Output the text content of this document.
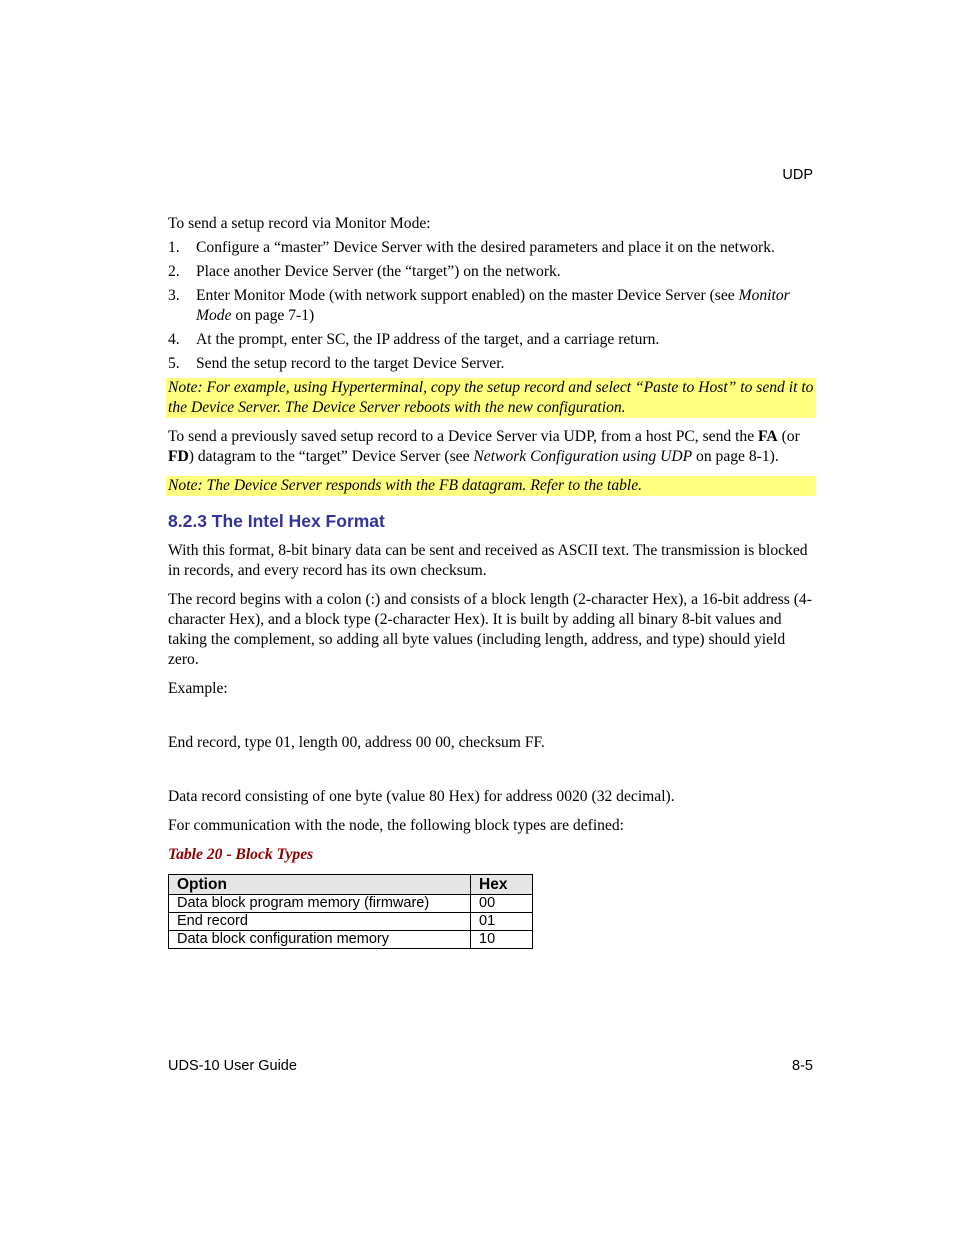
UDP

To send a setup record via Monitor Mode:

1. Configure a “master” Device Server with the desired parameters and place it on the network.
2. Place another Device Server (the “target”) on the network.
3. Enter Monitor Mode (with network support enabled) on the master Device Server (see Monitor Mode on page 7-1)
4. At the prompt, enter SC, the IP address of the target, and a carriage return.
5. Send the setup record to the target Device Server.

Note: For example, using Hyperterminal, copy the setup record and select “Paste to Host” to send it to the Device Server. The Device Server reboots with the new configuration.

To send a previously saved setup record to a Device Server via UDP, from a host PC, send the FA (or FD) datagram to the “target” Device Server (see Network Configuration using UDP on page 8-1).

Note: The Device Server responds with the FB datagram. Refer to the table.

8.2.3 The Intel Hex Format

With this format, 8-bit binary data can be sent and received as ASCII text. The transmission is blocked in records, and every record has its own checksum.

The record begins with a colon (:) and consists of a block length (2-character Hex), a 16-bit address (4-character Hex), and a block type (2-character Hex). It is built by adding all binary 8-bit values and taking the complement, so adding all byte values (including length, address, and type) should yield zero.

Example:

End record, type 01, length 00, address 00 00, checksum FF.

Data record consisting of one byte (value 80 Hex) for address 0020 (32 decimal).

For communication with the node, the following block types are defined:

Table 20 - Block Types

Option	Hex
Data block program memory (firmware)	00
End record	01
Data block configuration memory	10
UDS-10 User Guide	8-5
